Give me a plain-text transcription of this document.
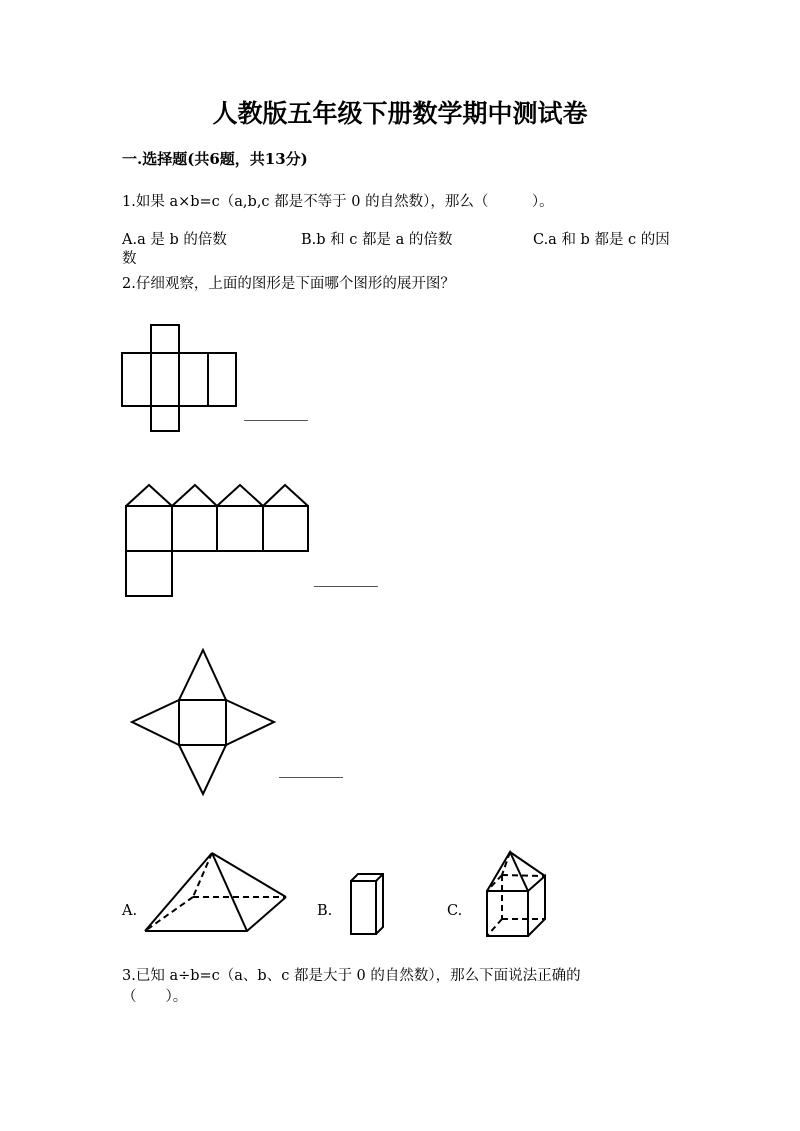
人教版五年级下册数学期中测试卷
一.选择题(共6题，共13分)
1.如果 a×b=c（a,b,c 都是不等于 0 的自然数），那么（　　　）。
A.a 是 b 的倍数	B.b 和 c 都是 a 的倍数	C.a 和 b 都是 c 的因
数
2.仔细观察，上面的图形是下面哪个图形的展开图？
A.	B.	C.
3.已知 a÷b=c（a、b、c 都是大于 0 的自然数），那么下面说法正确的
（　　）。
